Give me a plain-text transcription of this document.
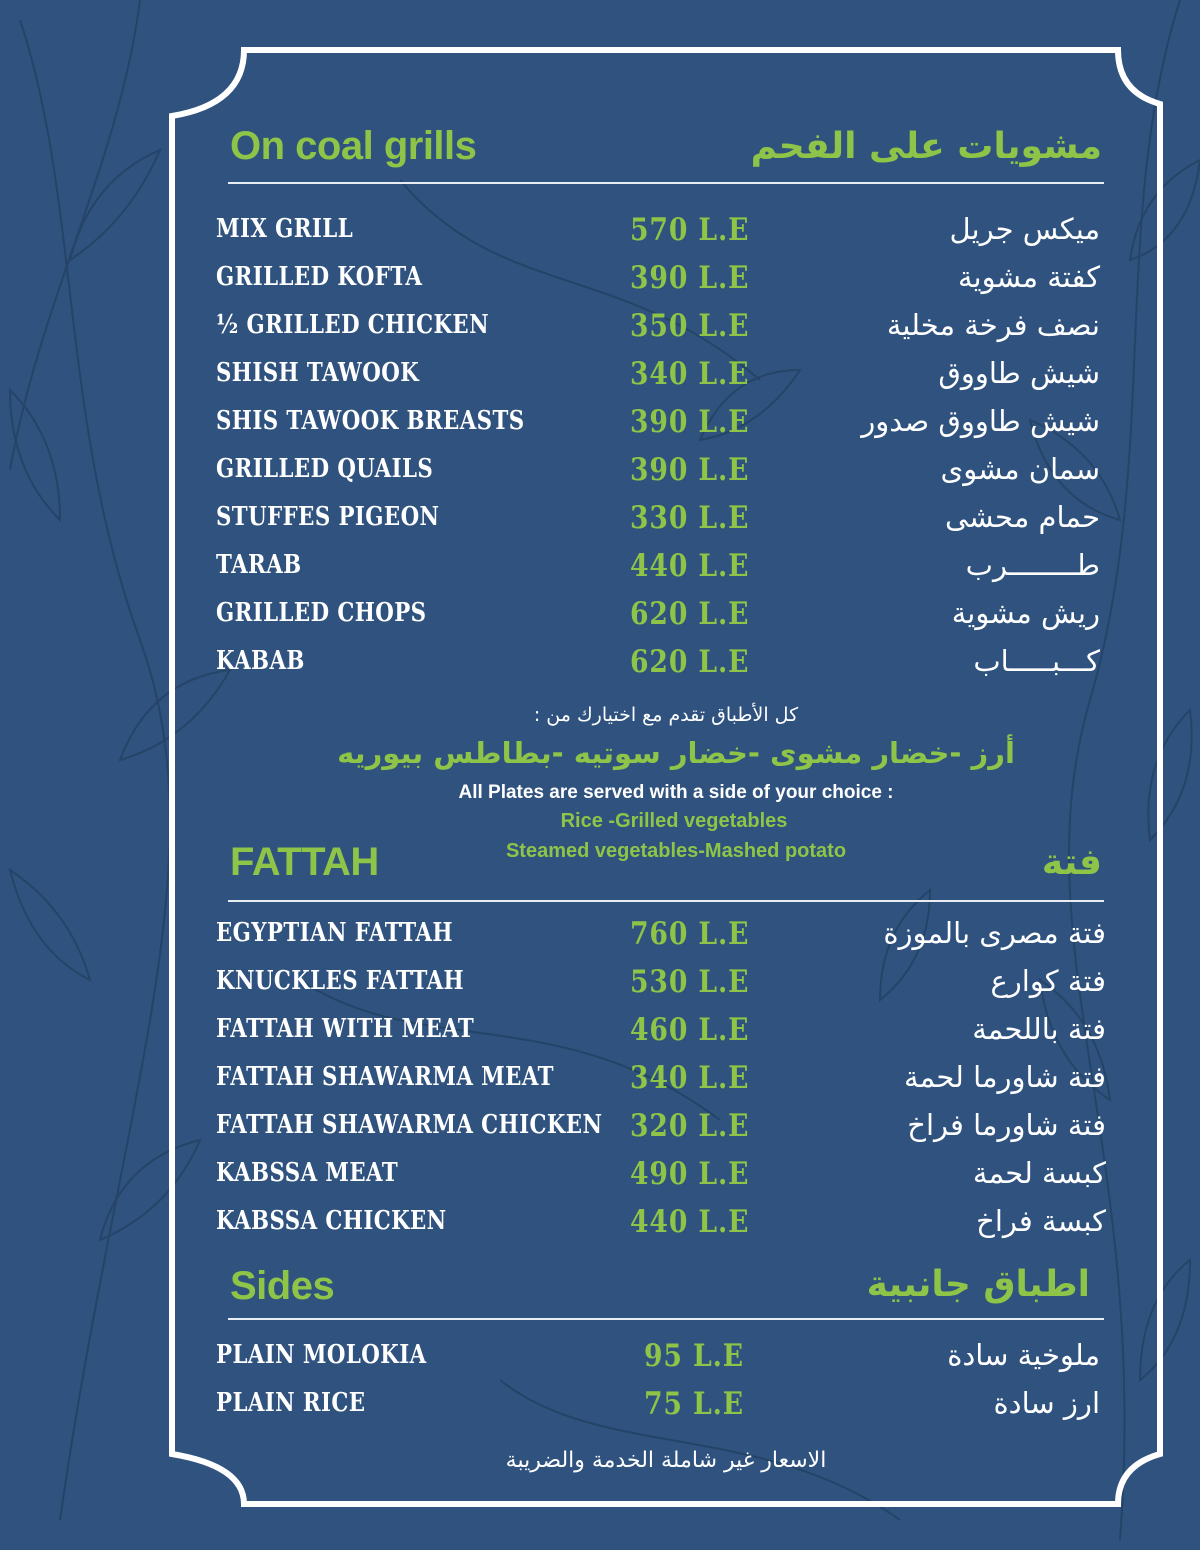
On coal grills	مشويات على الفحم
MIX GRILL	570 L.E	ميكس جريل
GRILLED KOFTA	390 L.E	كفتة مشوية
½ GRILLED CHICKEN	350 L.E	نصف فرخة مخلية
SHISH TAWOOK	340 L.E	شيش طاووق
SHIS TAWOOK BREASTS	390 L.E	شيش طاووق صدور
GRILLED QUAILS	390 L.E	سمان مشوى
STUFFES PIGEON	330 L.E	حمام محشى
TARAB	440 L.E	طــــــــرب
GRILLED CHOPS	620 L.E	ريش مشوية
KABAB	620 L.E	كـــبـــــاب
كل الأطباق تقدم مع اختيارك من :
أرز -خضار مشوى -خضار سوتيه -بطاطس بيوريه
All Plates are served with a side of your choice :
Rice -Grilled vegetables
Steamed vegetables-Mashed potato
FATTAH	فتة
EGYPTIAN FATTAH	760 L.E	فتة مصرى بالموزة
KNUCKLES FATTAH	530 L.E	فتة كوارع
FATTAH WITH MEAT	460 L.E	فتة باللحمة
FATTAH SHAWARMA MEAT 340 L.E	فتة شاورما لحمة
FATTAH SHAWARMA CHICKEN 320 L.E	فتة شاورما فراخ
KABSSA MEAT	490 L.E	كبسة لحمة
KABSSA CHICKEN	440 L.E	كبسة فراخ
Sides	اطباق جانبية
PLAIN MOLOKIA	95 L.E	ملوخية سادة
PLAIN RICE	75 L.E	ارز سادة
الاسعار غير شاملة الخدمة والضريبة
